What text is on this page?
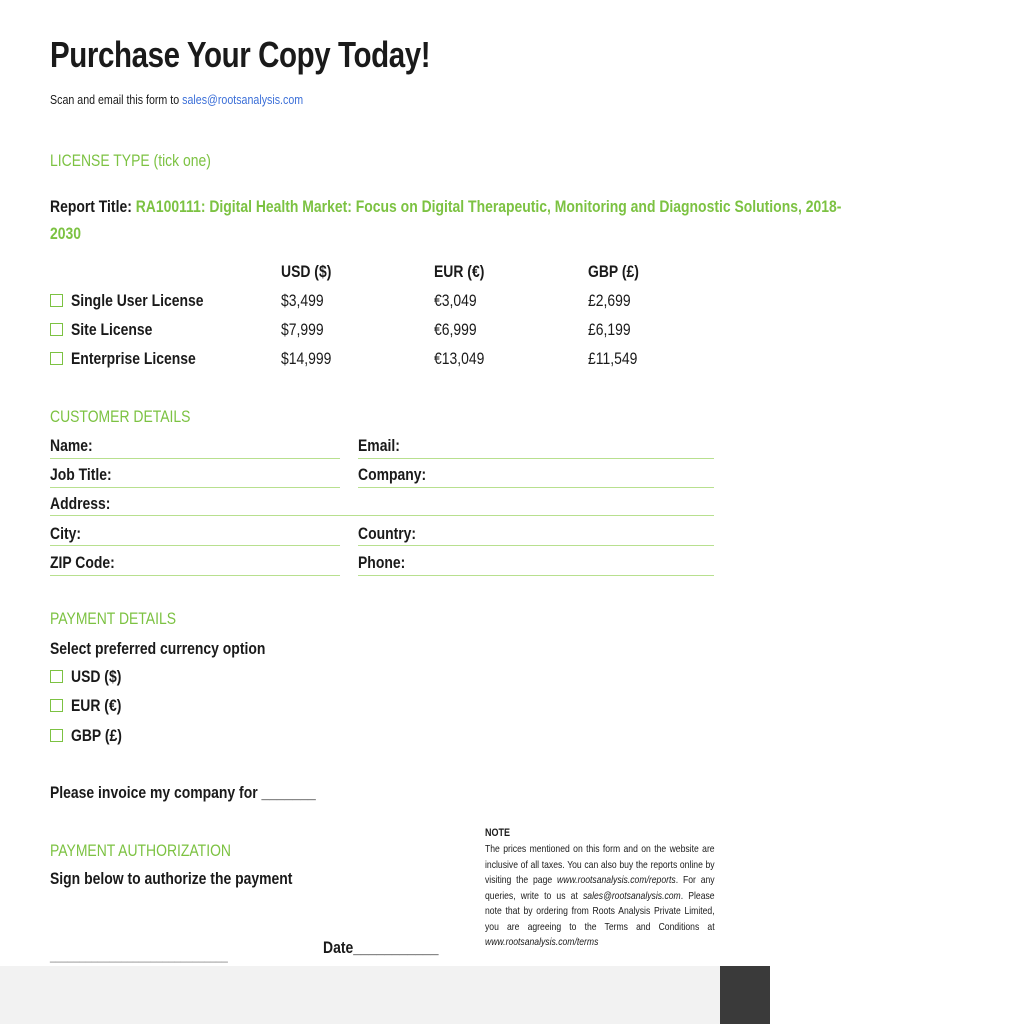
Purchase Your Copy Today!
Scan and email this form to sales@rootsanalysis.com
LICENSE TYPE (tick one)
Report Title: RA100111: Digital Health Market: Focus on Digital Therapeutic, Monitoring and Diagnostic Solutions, 2018-
2030
USD ($)	EUR (€)	GBP (£)
Single User License	$3,499	€3,049	£2,699
Site License	$7,999	€6,999	£6,199
Enterprise License	$14,999	€13,049	£11,549
CUSTOMER DETAILS
Name:	Email:
Job Title:	Company:
Address:
City:	Country:
ZIP Code:	Phone:
PAYMENT DETAILS
Select preferred currency option
USD ($)
EUR (€)
GBP (£)
Please invoice my company for _______
PAYMENT AUTHORIZATION
Sign below to authorize the payment
______________________________	Date___________
NOTE
The prices mentioned on this form and on the website are inclusive of all taxes. You can also buy the reports online by visiting the page www.rootsanalysis.com/reports. For any queries, write to us at sales@rootsanalysis.com. Please note that by ordering from Roots Analysis Private Limited, you are agreeing to the Terms and Conditions at www.rootsanalysis.com/terms
